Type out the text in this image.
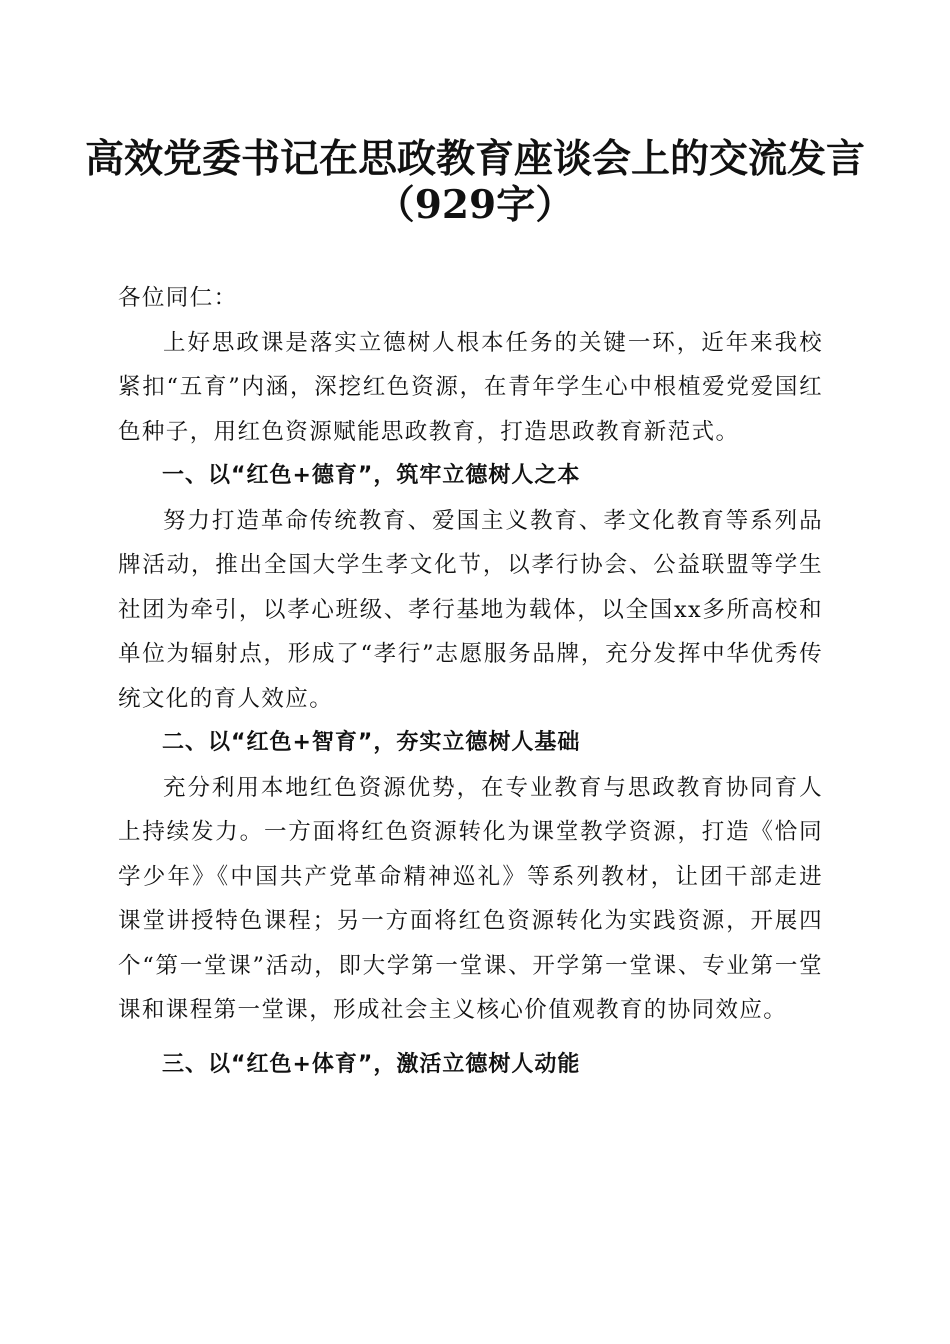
高效党委书记在思政教育座谈会上的交流发言
（929字）

各位同仁：

上好思政课是落实立德树人根本任务的关键一环，近年来我校紧扣“五育”内涵，深挖红色资源，在青年学生心中根植爱党爱国红色种子，用红色资源赋能思政教育，打造思政教育新范式。

一、以“红色+德育”，筑牢立德树人之本

努力打造革命传统教育、爱国主义教育、孝文化教育等系列品牌活动，推出全国大学生孝文化节，以孝行协会、公益联盟等学生社团为牵引，以孝心班级、孝行基地为载体，以全国xx多所高校和单位为辐射点，形成了“孝行”志愿服务品牌，充分发挥中华优秀传统文化的育人效应。

二、以“红色+智育”，夯实立德树人基础

充分利用本地红色资源优势，在专业教育与思政教育协同育人上持续发力。一方面将红色资源转化为课堂教学资源，打造《恰同学少年》《中国共产党革命精神巡礼》等系列教材，让团干部走进课堂讲授特色课程；另一方面将红色资源转化为实践资源，开展四个“第一堂课”活动，即大学第一堂课、开学第一堂课、专业第一堂课和课程第一堂课，形成社会主义核心价值观教育的协同效应。

三、以“红色+体育”，激活立德树人动能
